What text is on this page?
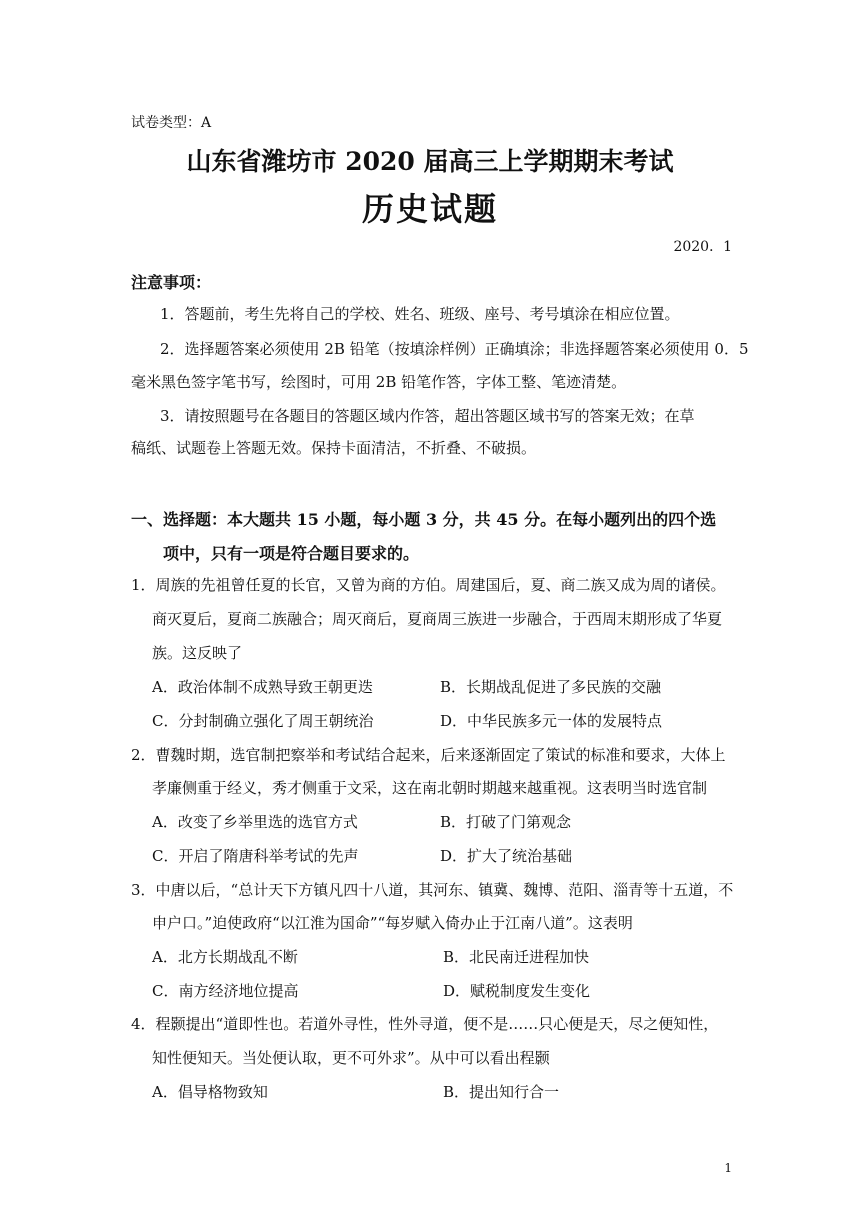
试卷类型：A
山东省潍坊市 2020 届高三上学期期末考试
历史试题
2020．1
注意事项：
1．答题前，考生先将自己的学校、姓名、班级、座号、考号填涂在相应位置。
2．选择题答案必须使用 2B 铅笔（按填涂样例）正确填涂；非选择题答案必须使用 0．5
毫米黑色签字笔书写，绘图时，可用 2B 铅笔作答，字体工整、笔迹清楚。
3．请按照题号在各题目的答题区域内作答，超出答题区域书写的答案无效；在草
稿纸、试题卷上答题无效。保持卡面清洁，不折叠、不破损。
一、选择题：本大题共 15 小题，每小题 3 分，共 45 分。在每小题列出的四个选
项中，只有一项是符合题目要求的。
1．周族的先祖曾任夏的长官，又曾为商的方伯。周建国后，夏、商二族又成为周的诸侯。
商灭夏后，夏商二族融合；周灭商后，夏商周三族进一步融合，于西周末期形成了华夏
族。这反映了
A．政治体制不成熟导致王朝更迭	B．长期战乱促进了多民族的交融
C．分封制确立强化了周王朝统治	D．中华民族多元一体的发展特点
2．曹魏时期，选官制把察举和考试结合起来，后来逐渐固定了策试的标准和要求，大体上
孝廉侧重于经义，秀才侧重于文采，这在南北朝时期越来越重视。这表明当时选官制
A．改变了乡举里选的选官方式	B．打破了门第观念
C．开启了隋唐科举考试的先声	D．扩大了统治基础
3．中唐以后，“总计天下方镇凡四十八道，其河东、镇冀、魏博、范阳、淄青等十五道，不
申户口。”迫使政府“以江淮为国命”“每岁赋入倚办止于江南八道”。这表明
A．北方长期战乱不断	B．北民南迁进程加快
C．南方经济地位提高	D．赋税制度发生变化
4．程颢提出“道即性也。若道外寻性，性外寻道，便不是……只心便是天，尽之便知性，
知性便知天。当处便认取，更不可外求”。从中可以看出程颢
A．倡导格物致知	B．提出知行合一
1
